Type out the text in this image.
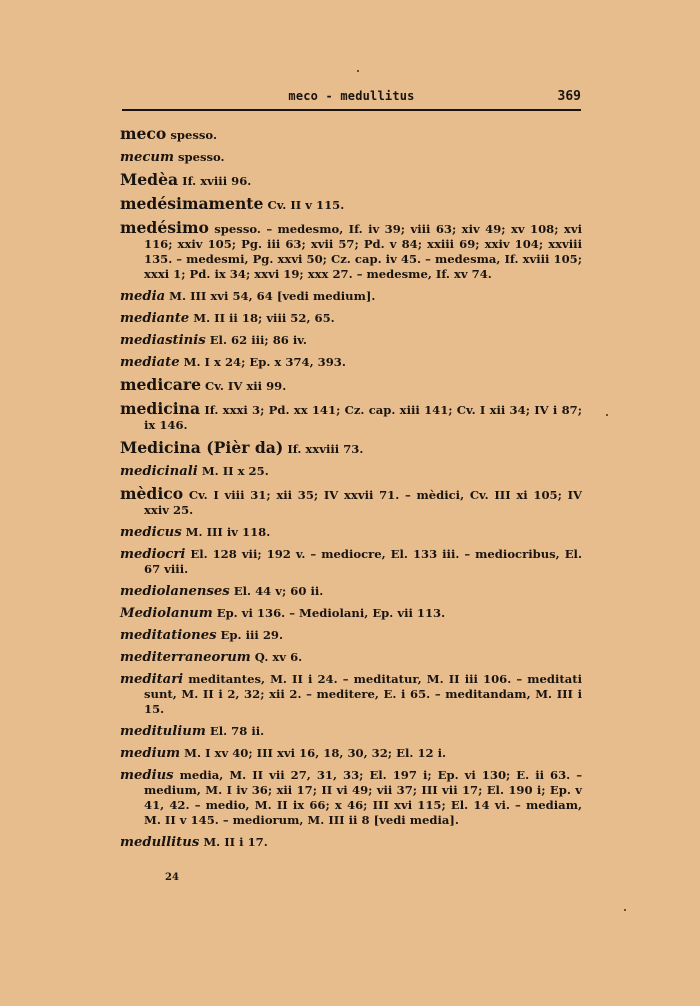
meco - medullitus	369
meco spesso.
mecum spesso.
Medèa If. xviii 96.
medésimamente Cv. II v 115.
medésimo spesso. – medesmo, If. iv 39; viii 63; xiv 49; xv 108; xvi 116; xxiv 105; Pg. iii 63; xvii 57; Pd. v 84; xxiii 69; xxiv 104; xxviii 135. – medesmi, Pg. xxvi 50; Cz. cap. iv 45. – medesma, If. xviii 105; xxxi 1; Pd. ix 34; xxvi 19; xxx 27. – medesme, If. xv 74.
media M. III xvi 54, 64 [vedi medium].
mediante M. II ii 18; viii 52, 65.
mediastinis El. 62 iii; 86 iv.
mediate M. I x 24; Ep. x 374, 393.
medicare Cv. IV xii 99.
medicina If. xxxi 3; Pd. xx 141; Cz. cap. xiii 141; Cv. I xii 34; IV i 87; ix 146.
Medicina (Pièr da) If. xxviii 73.
medicinali M. II x 25.
mèdico Cv. I viii 31; xii 35; IV xxvii 71. – mèdici, Cv. III xi 105; IV xxiv 25.
medicus M. III iv 118.
mediocri El. 128 vii; 192 v. – mediocre, El. 133 iii. – mediocribus, El. 67 viii.
mediolanenses El. 44 v; 60 ii.
Mediolanum Ep. vi 136. – Mediolani, Ep. vii 113.
meditationes Ep. iii 29.
mediterraneorum Q. xv 6.
meditari meditantes, M. II i 24. – meditatur, M. II iii 106. – meditati sunt, M. II i 2, 32; xii 2. – meditere, E. i 65. – meditandam, M. III i 15.
meditulium El. 78 ii.
medium M. I xv 40; III xvi 16, 18, 30, 32; El. 12 i.
medius media, M. II vii 27, 31, 33; El. 197 i; Ep. vi 130; E. ii 63. – medium, M. I iv 36; xii 17; II vi 49; vii 37; III vii 17; El. 190 i; Ep. v 41, 42. – medio, M. II ix 66; x 46; III xvi 115; El. 14 vi. – mediam, M. II v 145. – mediorum, M. III ii 8 [vedi media].
medullitus M. II i 17.
24
